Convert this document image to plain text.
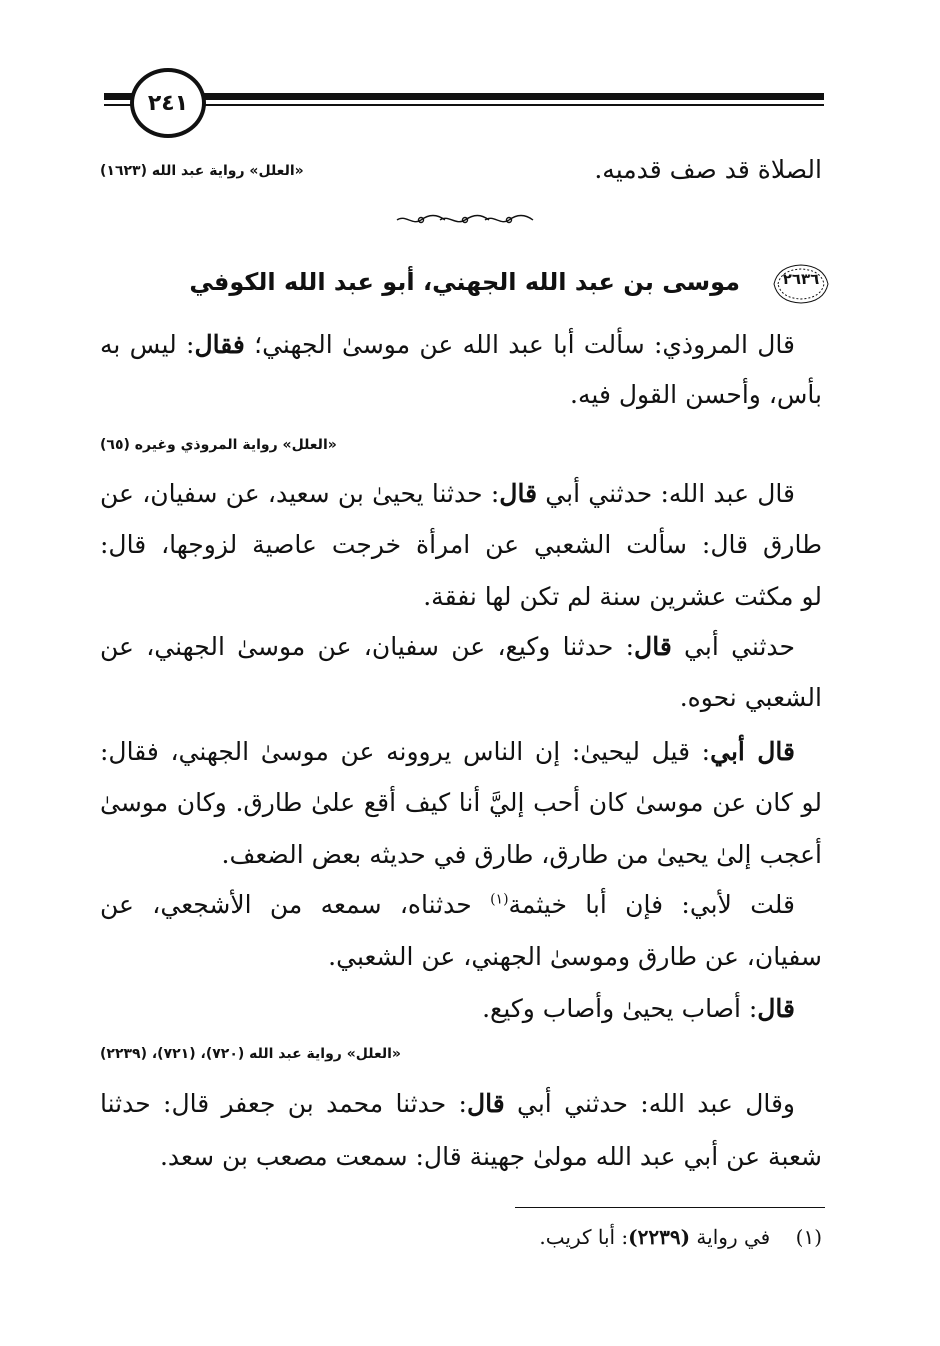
٢٤١
الصلاة قد صف قدميه.
«العلل» رواية عبد الله (١٦٢٣)
٢٦٣٦
موسى بن عبد الله الجهني، أبو عبد الله الكوفي
قال المروذي: سألت أبا عبد الله عن موسىٰ الجهني؛ فقال: ليس به
بأس، وأحسن القول فيه.
«العلل» رواية المروذي وغيره (٦٥)
قال عبد الله: حدثني أبي قال: حدثنا يحيىٰ بن سعيد، عن سفيان، عن
طارق قال: سألت الشعبي عن امرأة خرجت عاصية لزوجها، قال:
لو مكثت عشرين سنة لم تكن لها نفقة.
حدثني أبي قال: حدثنا وكيع، عن سفيان، عن موسىٰ الجهني، عن
الشعبي نحوه.
قال أبي: قيل ليحيىٰ: إن الناس يروونه عن موسىٰ الجهني، فقال:
لو كان عن موسىٰ كان أحب إليَّ أنا كيف أقع علىٰ طارق. وكان موسىٰ
أعجب إلىٰ يحيىٰ من طارق، طارق في حديثه بعض الضعف.
قلت لأبي: فإن أبا خيثمة$^{(١)}$ حدثناه، سمعه من الأشجعي، عن
سفيان، عن طارق وموسىٰ الجهني، عن الشعبي.
قال: أصاب يحيىٰ وأصاب وكيع.
«العلل» رواية عبد الله (٧٢٠)، (٧٢١)، (٢٢٣٩)
وقال عبد الله: حدثني أبي قال: حدثنا محمد بن جعفر قال: حدثنا
شعبة عن أبي عبد الله مولىٰ جهينة قال: سمعت مصعب بن سعد.
(١)    في رواية (٢٢٣٩): أبا كريب.
